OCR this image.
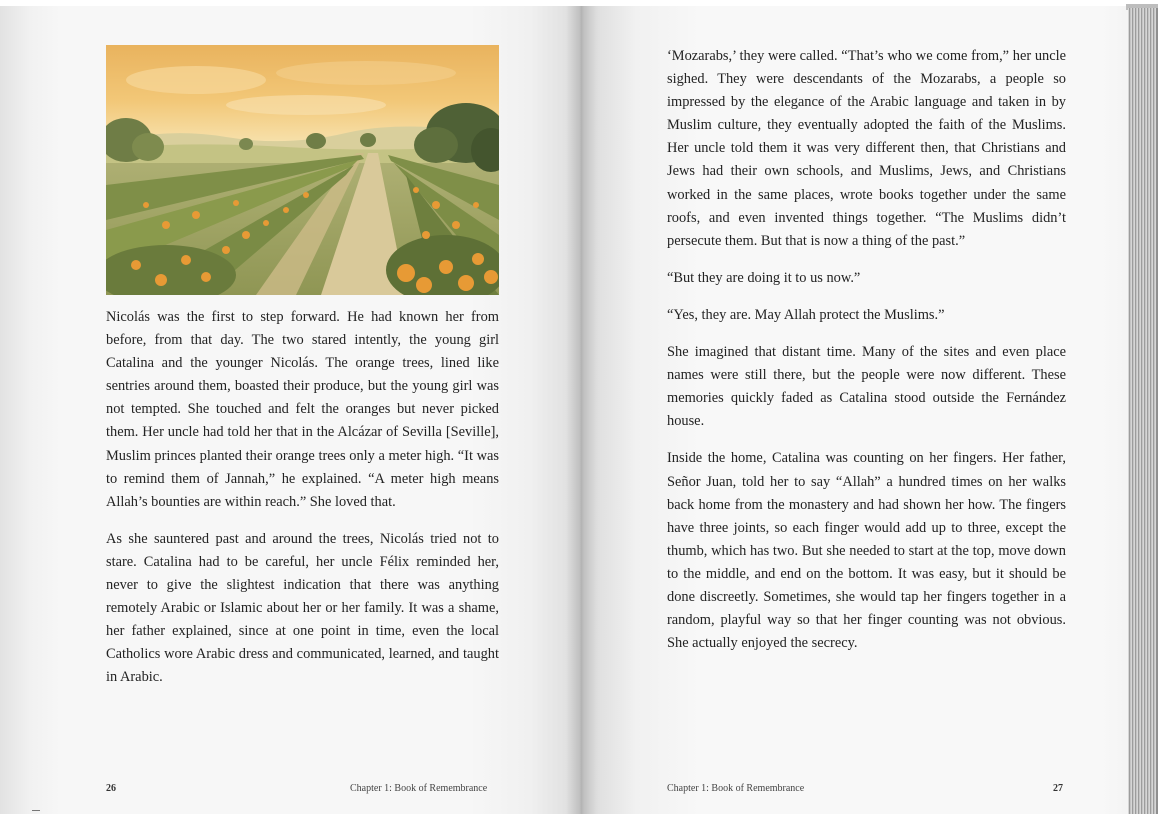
Nicolás was the first to step forward. He had known her from before, from that day. The two stared intently, the young girl Catalina and the younger Nicolás. The orange trees, lined like sentries around them, boasted their produce, but the young girl was not tempted. She touched and felt the oranges but never picked them. Her uncle had told her that in the Alcázar of Sevilla [Seville], Muslim princes planted their orange trees only a meter high. “It was to remind them of Jannah,” he explained. “A meter high means Allah’s bounties are within reach.” She loved that.

As she sauntered past and around the trees, Nicolás tried not to stare. Catalina had to be careful, her uncle Félix reminded her, never to give the slightest indication that there was anything remotely Arabic or Islamic about her or her family. It was a shame, her father explained, since at one point in time, even the local Catholics wore Arabic dress and communicated, learned, and taught in Arabic.

‘Mozarabs,’ they were called. “That’s who we come from,” her uncle sighed. They were descendants of the Mozarabs, a people so impressed by the elegance of the Arabic language and taken in by Muslim culture, they eventually adopted the faith of the Muslims. Her uncle told them it was very different then, that Christians and Jews had their own schools, and Muslims, Jews, and Christians worked in the same places, wrote books together under the same roofs, and even invented things together. “The Muslims didn’t persecute them. But that is now a thing of the past.”

“But they are doing it to us now.”

“Yes, they are. May Allah protect the Muslims.”

She imagined that distant time. Many of the sites and even place names were still there, but the people were now different. These memories quickly faded as Catalina stood outside the Fernández house.

Inside the home, Catalina was counting on her fingers. Her father, Señor Juan, told her to say “Allah” a hundred times on her walks back home from the monastery and had shown her how. The fingers have three joints, so each finger would add up to three, except the thumb, which has two. But she needed to start at the top, move down to the middle, and end on the bottom. It was easy, but it should be done discreetly. Sometimes, she would tap her fingers together in a random, playful way so that her finger counting was not obvious. She actually enjoyed the secrecy.

26	Chapter 1: Book of Remembrance	Chapter 1: Book of Remembrance	27
